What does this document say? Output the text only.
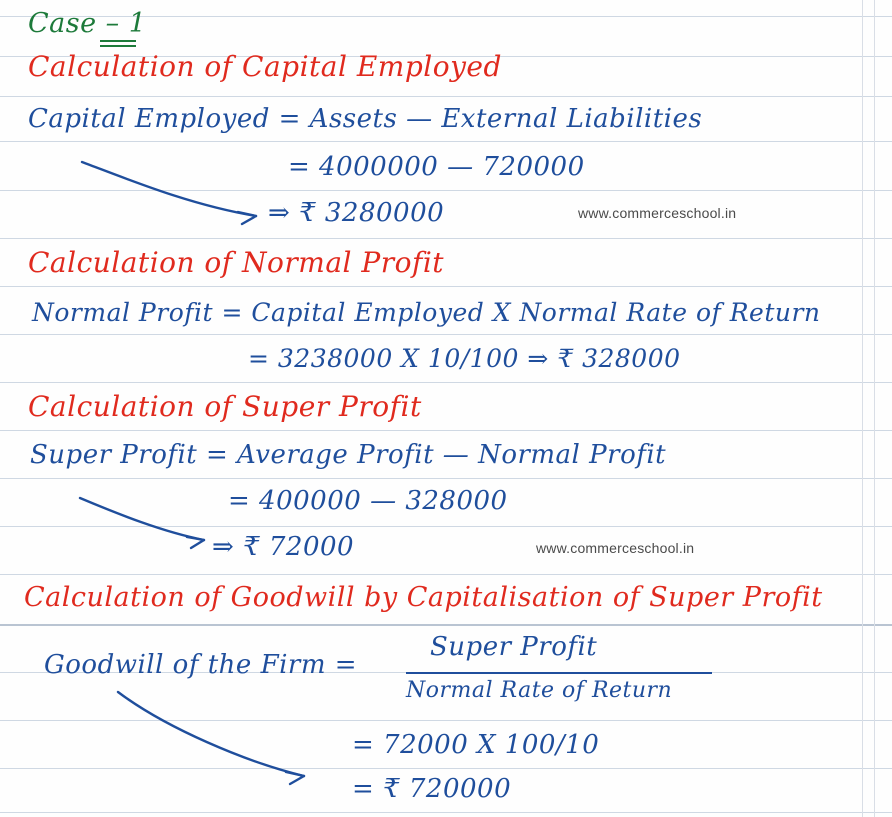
Case – 1
Calculation of Capital Employed
Capital Employed = Assets — External Liabilities
= 4000000 — 720000
⇒ ₹ 3280000	www.commerceschool.in
Calculation of Normal Profit
Normal Profit = Capital Employed X Normal Rate of Return
= 3238000 X 10/100 ⇒ ₹ 328000
Calculation of Super Profit
Super Profit = Average Profit — Normal Profit
= 400000 — 328000
⇒ ₹ 72000	www.commerceschool.in
Calculation of Goodwill by Capitalisation of Super Profit
Goodwill of the Firm =
Super Profit
Normal Rate of Return
= 72000 X 100/10
= ₹ 720000
